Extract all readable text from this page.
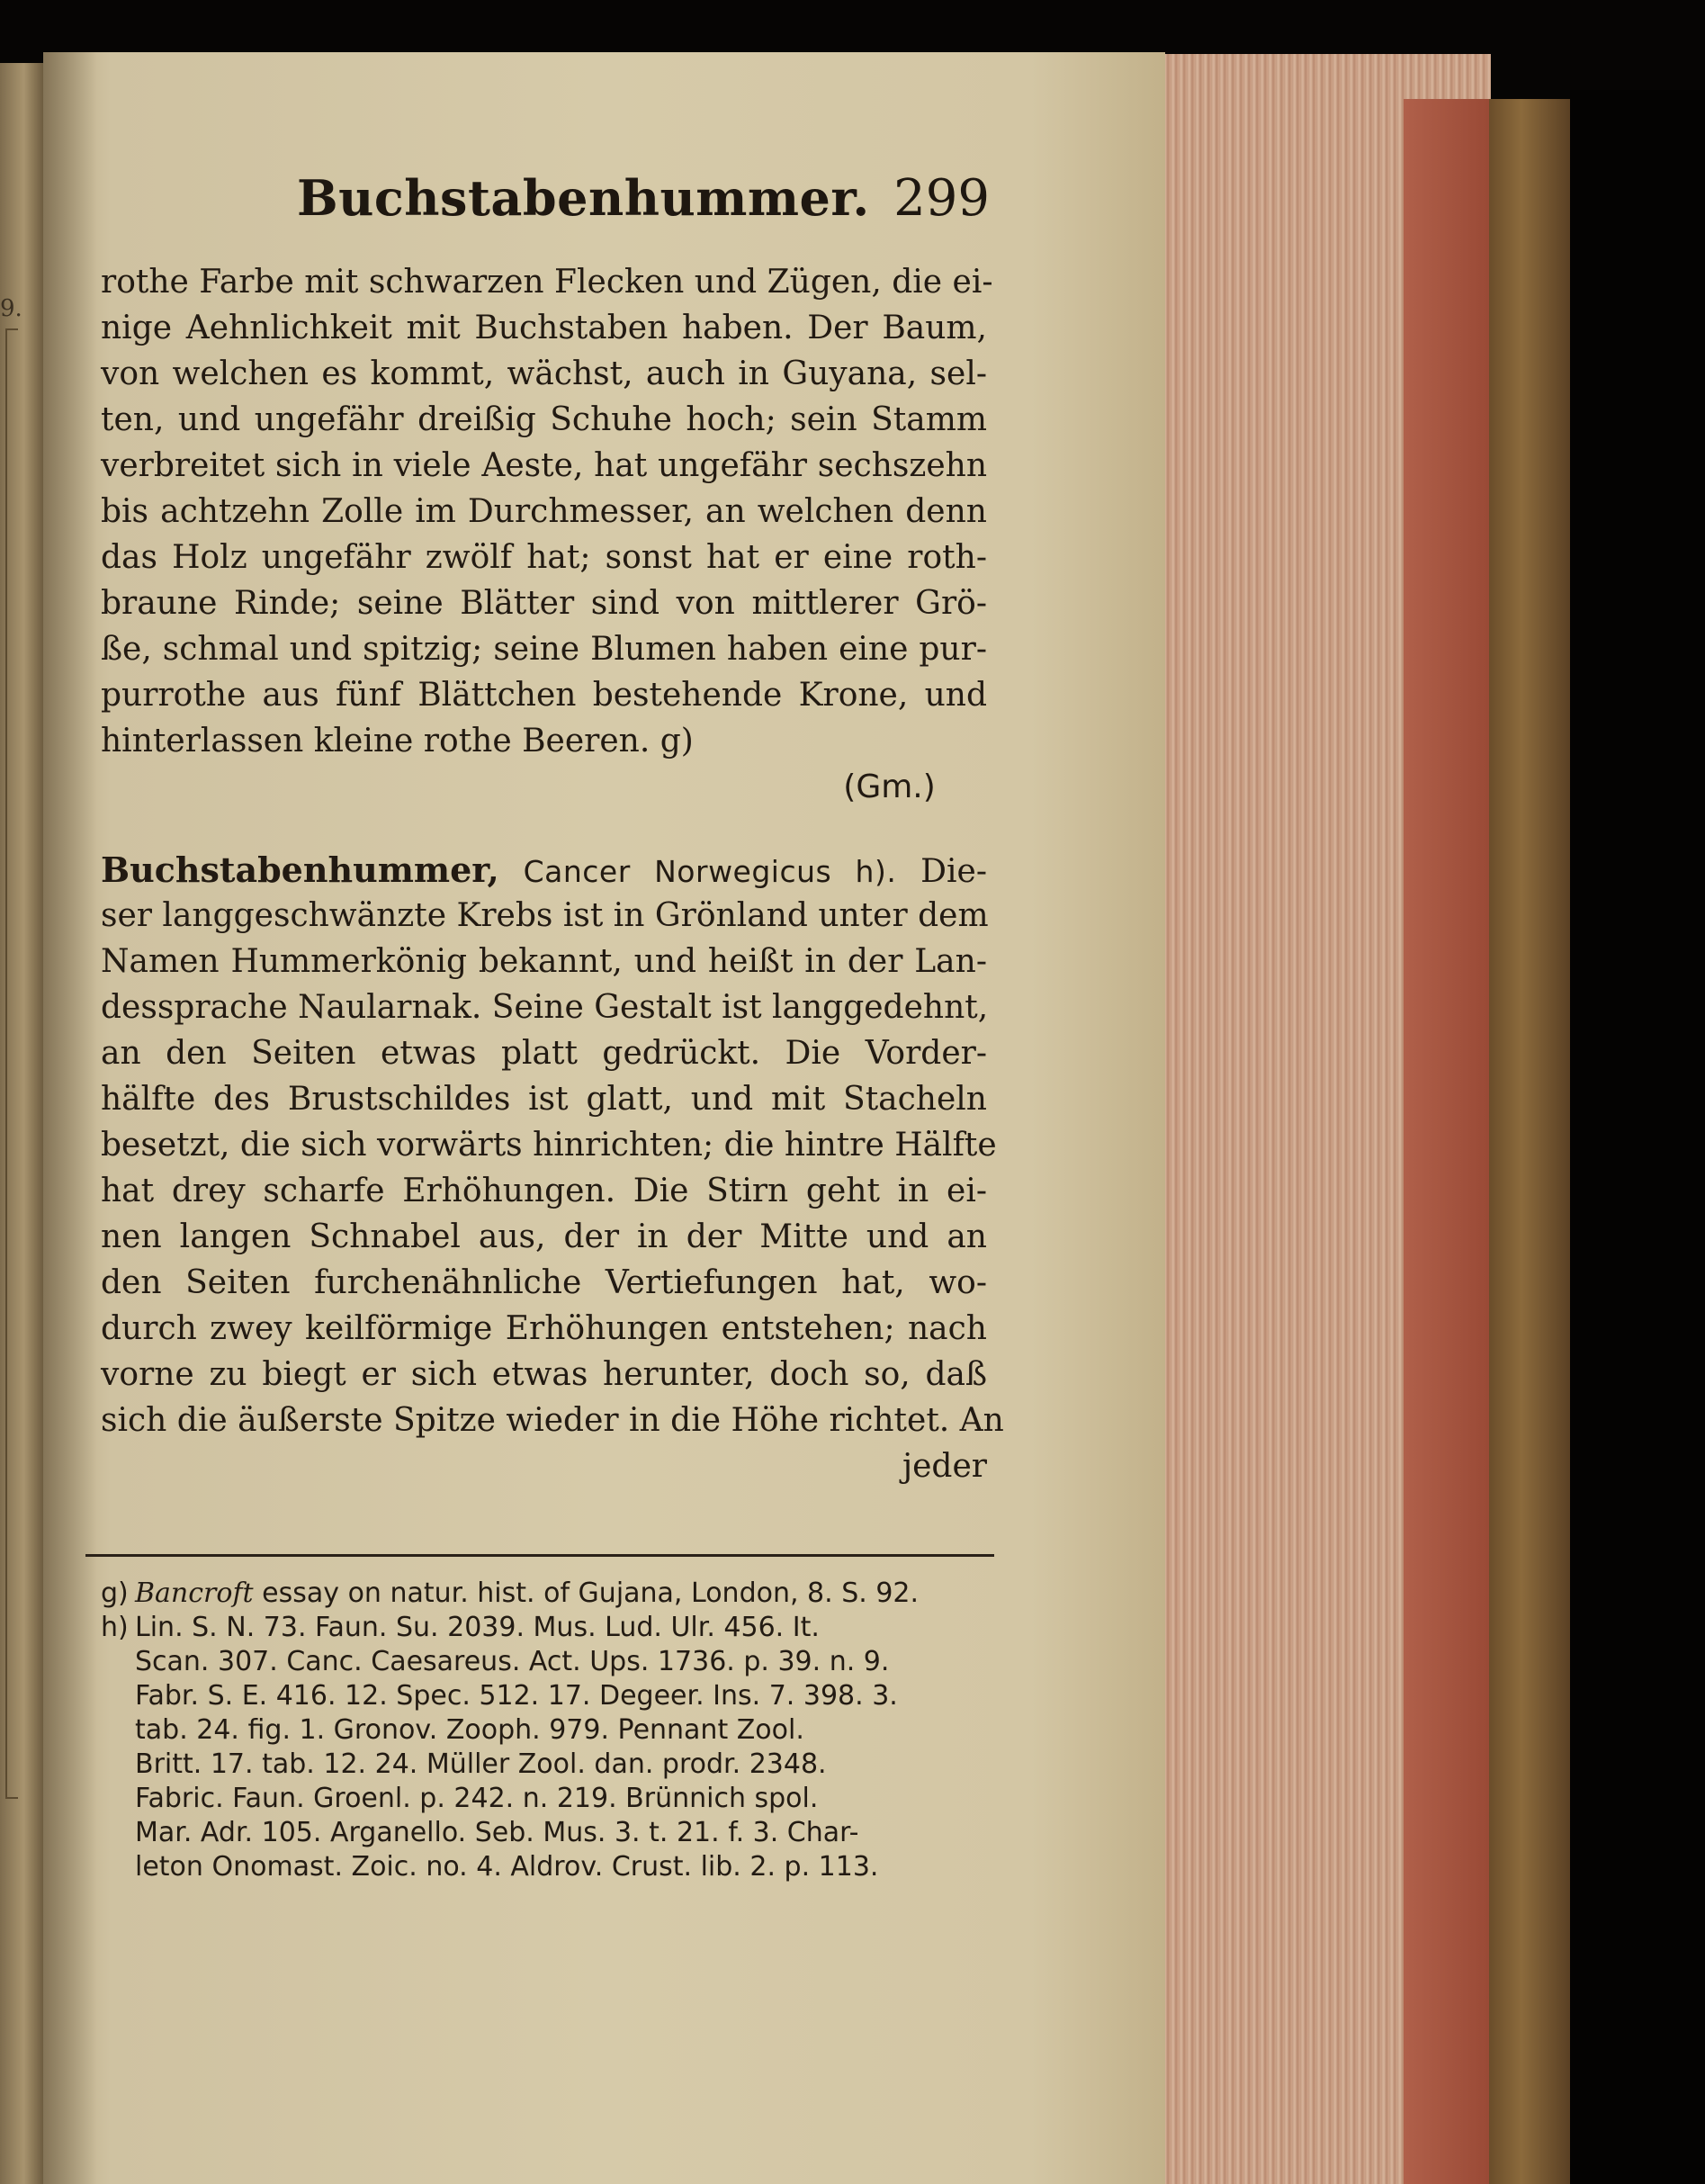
9.
Buchstabenhummer. 299
rothe Farbe mit schwarzen Flecken und Zügen, die ei-
nige Aehnlichkeit mit Buchstaben haben. Der Baum,
von welchen es kommt, wächst, auch in Guyana, sel-
ten, und ungefähr dreißig Schuhe hoch; sein Stamm
verbreitet sich in viele Aeste, hat ungefähr sechszehn
bis achtzehn Zolle im Durchmesser, an welchen denn
das Holz ungefähr zwölf hat; sonst hat er eine roth-
braune Rinde; seine Blätter sind von mittlerer Grö-
ße, schmal und spitzig; seine Blumen haben eine pur-
purrothe aus fünf Blättchen bestehende Krone, und
hinterlassen kleine rothe Beeren. g)
(Gm.)
Buchstabenhummer, Cancer Norwegicus h). Die-
ser langgeschwänzte Krebs ist in Grönland unter dem
Namen Hummerkönig bekannt, und heißt in der Lan-
dessprache Naularnak. Seine Gestalt ist langgedehnt,
an den Seiten etwas platt gedrückt. Die Vorder-
hälfte des Brustschildes ist glatt, und mit Stacheln
besetzt, die sich vorwärts hinrichten; die hintre Hälfte
hat drey scharfe Erhöhungen. Die Stirn geht in ei-
nen langen Schnabel aus, der in der Mitte und an
den Seiten furchenähnliche Vertiefungen hat, wo-
durch zwey keilförmige Erhöhungen entstehen; nach
vorne zu biegt er sich etwas herunter, doch so, daß
sich die äußerste Spitze wieder in die Höhe richtet. An
jeder
g) Bancroft essay on natur. hist. of Gujana, London, 8. S. 92.
h) Lin. S. N. 73. Faun. Su. 2039. Mus. Lud. Ulr. 456. It.
Scan. 307. Canc. Caesareus. Act. Ups. 1736. p. 39. n. 9.
Fabr. S. E. 416. 12. Spec. 512. 17. Degeer. Ins. 7. 398. 3.
tab. 24. fig. 1. Gronov. Zooph. 979. Pennant Zool.
Britt. 17. tab. 12. 24. Müller Zool. dan. prodr. 2348.
Fabric. Faun. Groenl. p. 242. n. 219. Brünnich spol.
Mar. Adr. 105. Arganello. Seb. Mus. 3. t. 21. f. 3. Char-
leton Onomast. Zoic. no. 4. Aldrov. Crust. lib. 2. p. 113.
